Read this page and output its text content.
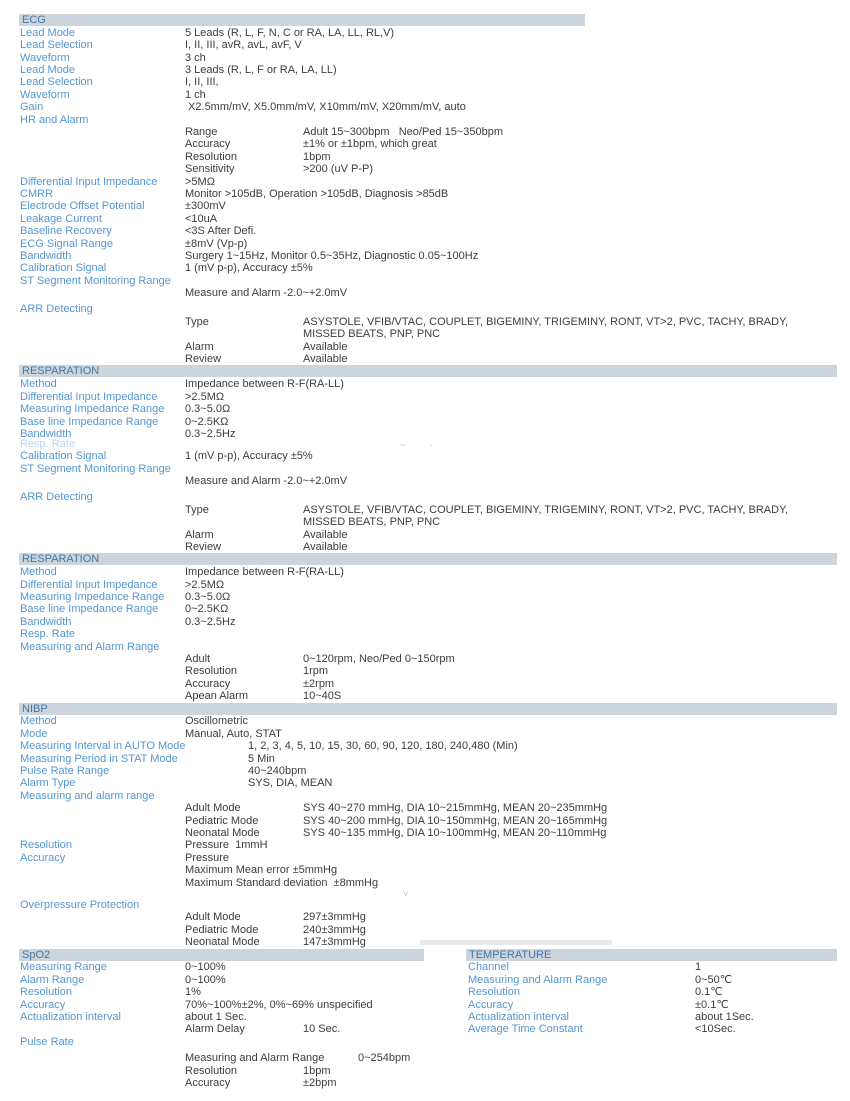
ECG
Lead Mode	5 Leads (R, L, F, N, C or RA, LA, LL, RL,V)
Lead Selection	I, II, III, avR, avL, avF, V
Waveform	3 ch
Lead Mode	3 Leads (R, L, F or RA, LA, LL)
Lead Selection	I, II, III,
Waveform	1 ch
Gain	X2.5mm/mV, X5.0mm/mV, X10mm/mV, X20mm/mV, auto
HR and Alarm
Range	Adult 15~300bpm   Neo/Ped 15~350bpm
Accuracy	±1% or ±1bpm, which great
Resolution	1bpm
Sensitivity	>200 (uV P-P)
Differential Input Impedance	>5MΩ
CMRR	Monitor >105dB, Operation >105dB, Diagnosis >85dB
Electrode Offset Potential	±300mV
Leakage Current	<10uA
Baseline Recovery	<3S After Defi.
ECG Signal Range	±8mV (Vp-p)
Bandwidth	Surgery 1~15Hz, Monitor 0.5~35Hz, Diagnostic 0.05~100Hz
Calibration Signal	1 (mV p-p), Accuracy ±5%
ST Segment Monitoring Range
Measure and Alarm -2.0~+2.0mV
ARR Detecting
Type	ASYSTOLE, VFIB/VTAC, COUPLET, BIGEMINY, TRIGEMINY, RONT, VT>2, PVC, TACHY, BRADY,
MISSED BEATS, PNP, PNC
Alarm	Available
Review	Available
RESPARATION
Method	Impedance between R-F(RA-LL)
Differential Input Impedance	>2.5MΩ
Measuring Impedance Range 0.3~5.0Ω
Base line Impedance Range 0~2.5KΩ
Bandwidth	0.3~2.5Hz
Resp. Rate	~	-
Calibration Signal	1 (mV p-p), Accuracy ±5%
ST Segment Monitoring Range
Measure and Alarm -2.0~+2.0mV
ARR Detecting
Type	ASYSTOLE, VFIB/VTAC, COUPLET, BIGEMINY, TRIGEMINY, RONT, VT>2, PVC, TACHY, BRADY,
MISSED BEATS, PNP, PNC
Alarm	Available
Review	Available
RESPARATION
Method	Impedance between R-F(RA-LL)
Differential Input Impedance	>2.5MΩ
Measuring Impedance Range 0.3~5.0Ω
Base line Impedance Range 0~2.5KΩ
Bandwidth	0.3~2.5Hz
Resp. Rate
Measuring and Alarm Range
Adult	0~120rpm, Neo/Ped 0~150rpm
Resolution	1rpm
Accuracy	±2rpm
Apean Alarm	10~40S
NIBP
Method	Oscillometric
Mode	Manual, Auto, STAT
Measuring Interval in AUTO Mode	1, 2, 3, 4, 5, 10, 15, 30, 60, 90, 120, 180, 240,480 (Min)
Measuring Period in STAT Mode	5 Min
Pulse Rate Range	40~240bpm
Alarm Type	SYS, DIA, MEAN
Measuring and alarm range
Adult Mode	SYS 40~270 mmHg, DIA 10~215mmHg, MEAN 20~235mmHg
Pediatric Mode	SYS 40~200 mmHg, DIA 10~150mmHg, MEAN 20~165mmHg
Neonatal Mode	SYS 40~135 mmHg, DIA 10~100mmHg, MEAN 20~110mmHg
Resolution	Pressure  1mmH
Accuracy	Pressure
Maximum Mean error ±5mmHg
Maximum Standard deviation  ±8mmHg
˅
Overpressure Protection
Adult Mode	297±3mmHg
Pediatric Mode	240±3mmHg
Neonatal Mode	147±3mmHg
SpO2	TEMPERATURE
Measuring Range	0~100%	Channel	1
Alarm Range	0~100%	Measuring and Alarm Range	0~50℃
Resolution	1%	Resolution	0.1℃
Accuracy	70%~100%±2%, 0%~69% unspecified	Accuracy	±0.1℃
Actualization interval	about 1 Sec.	Actualization interval	about 1Sec.
Alarm Delay	10 Sec.	Average Time Constant	<10Sec.
Pulse Rate
Measuring and Alarm Range	0~254bpm
Resolution	1bpm
Accuracy	±2bpm
